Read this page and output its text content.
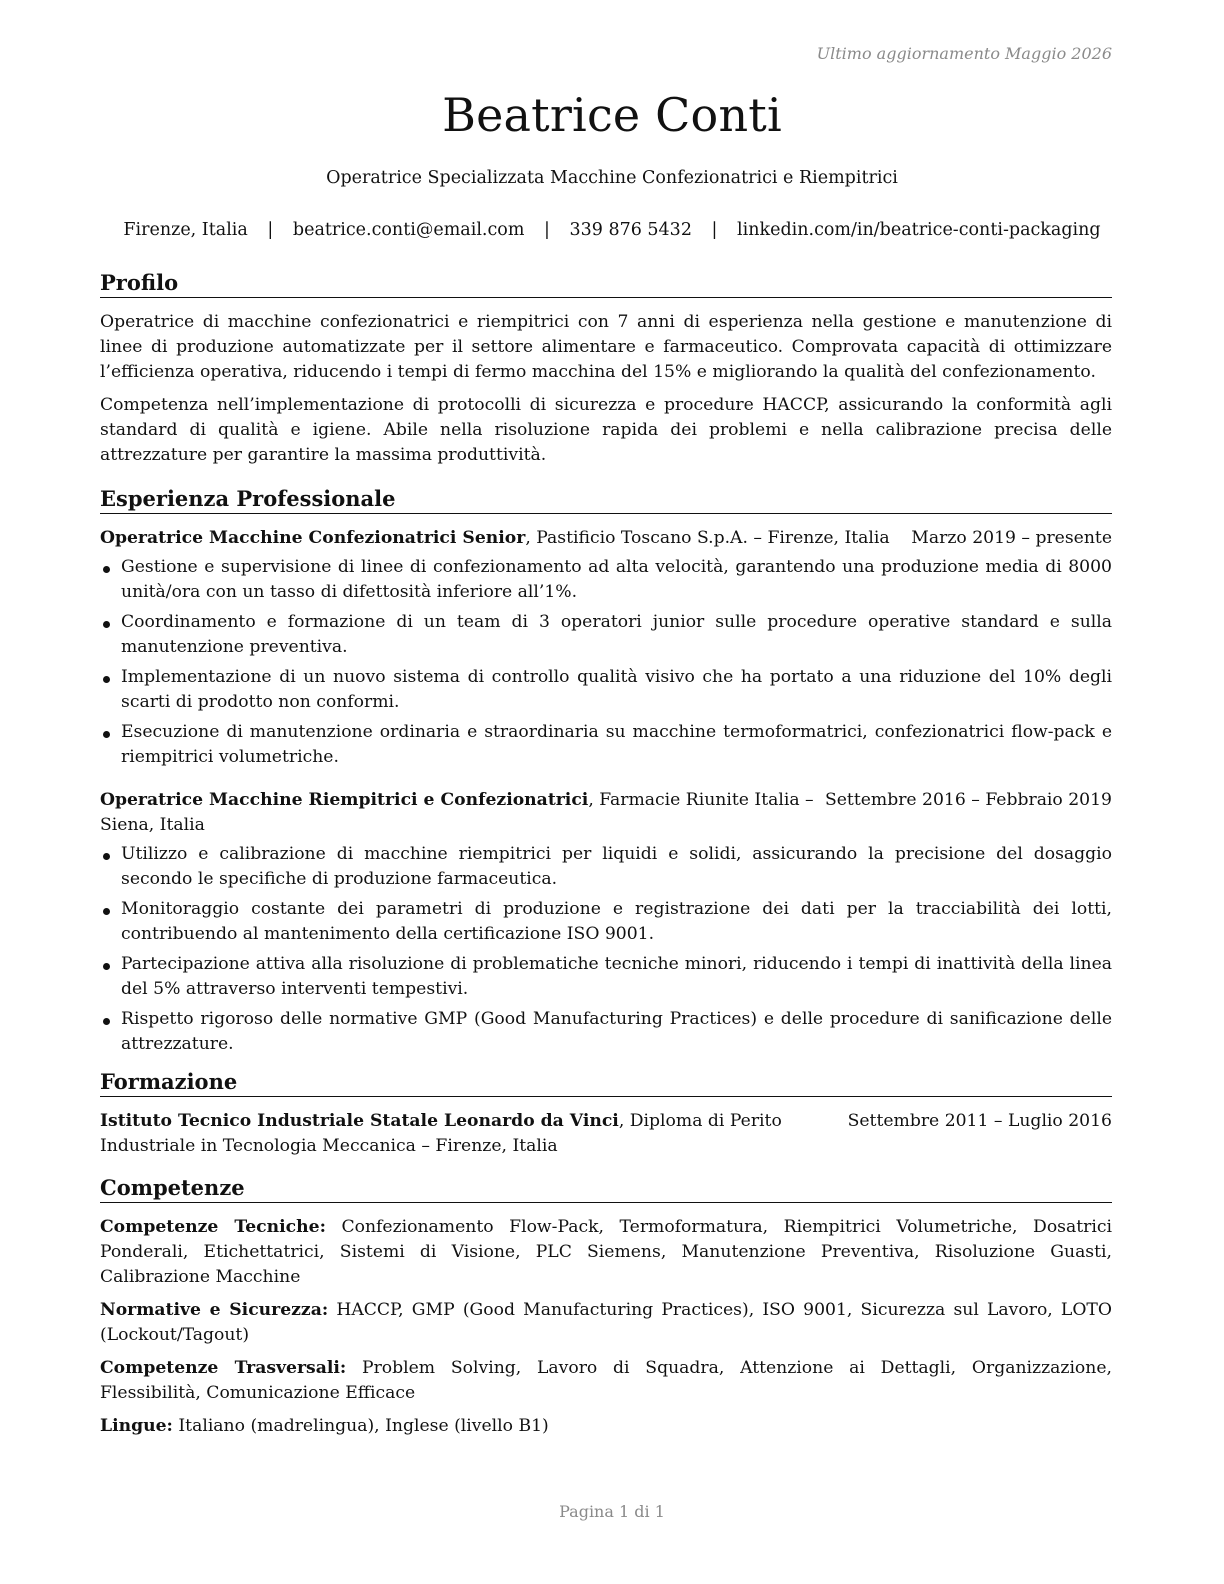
Ultimo aggiornamento Maggio 2026
Beatrice Conti
Operatrice Specializzata Macchine Confezionatrici e Riempitrici
Firenze, Italia | beatrice.conti@email.com | 339 876 5432 | linkedin.com/in/beatrice-conti-packaging
Profilo

Operatrice di macchine confezionatrici e riempitrici con 7 anni di esperienza nella gestione e manutenzione di linee di produzione automatizzate per il settore alimentare e farmaceutico. Comprovata capacità di ottimizzare l’efficienza operativa, riducendo i tempi di fermo macchina del 15% e migliorando la qualità del confezionamento.

Competenza nell’implementazione di protocolli di sicurezza e procedure HACCP, assicurando la conformità agli standard di qualità e igiene. Abile nella risoluzione rapida dei problemi e nella calibrazione precisa delle attrezzature per garantire la massima produttività.

Esperienza Professionale
Operatrice Macchine Confezionatrici Senior, Pastificio Toscano S.p.A. – Firenze, Italia Marzo 2019 – presente
Gestione e supervisione di linee di confezionamento ad alta velocità, garantendo una produzione media di 8000 unità/ora con un tasso di difettosità inferiore all’1%.
Coordinamento e formazione di un team di 3 operatori junior sulle procedure operative standard e sulla manutenzione preventiva.
Implementazione di un nuovo sistema di controllo qualità visivo che ha portato a una riduzione del 10% degli scarti di prodotto non conformi.
Esecuzione di manutenzione ordinaria e straordinaria su macchine termoformatrici, confezionatrici flow-pack e riempitrici volumetriche.
Operatrice Macchine Riempitrici e Confezionatrici, Farmacie Riunite Italia – Siena, Italia
Settembre 2016 – Febbraio 2019
Utilizzo e calibrazione di macchine riempitrici per liquidi e solidi, assicurando la precisione del dosaggio secondo le specifiche di produzione farmaceutica.
Monitoraggio costante dei parametri di produzione e registrazione dei dati per la tracciabilità dei lotti, contribuendo al mantenimento della certificazione ISO 9001.
Partecipazione attiva alla risoluzione di problematiche tecniche minori, riducendo i tempi di inattività della linea del 5% attraverso interventi tempestivi.
Rispetto rigoroso delle normative GMP (Good Manufacturing Practices) e delle procedure di sanificazione delle attrezzature.
Formazione
Istituto Tecnico Industriale Statale Leonardo da Vinci, Diploma di Perito Industriale in Tecnologia Meccanica – Firenze, Italia
Settembre 2011 – Luglio 2016
Competenze
Competenze Tecniche: Confezionamento Flow-Pack, Termoformatura, Riempitrici Volumetriche, Dosatrici Ponderali, Etichettatrici, Sistemi di Visione, PLC Siemens, Manutenzione Preventiva, Risoluzione Guasti, Calibrazione Macchine
Normative e Sicurezza: HACCP, GMP (Good Manufacturing Practices), ISO 9001, Sicurezza sul Lavoro, LOTO (Lockout/Tagout)
Competenze Trasversali: Problem Solving, Lavoro di Squadra, Attenzione ai Dettagli, Organizzazione, Flessibilità, Comunicazione Efficace
Lingue: Italiano (madrelingua), Inglese (livello B1)
Pagina 1 di 1
